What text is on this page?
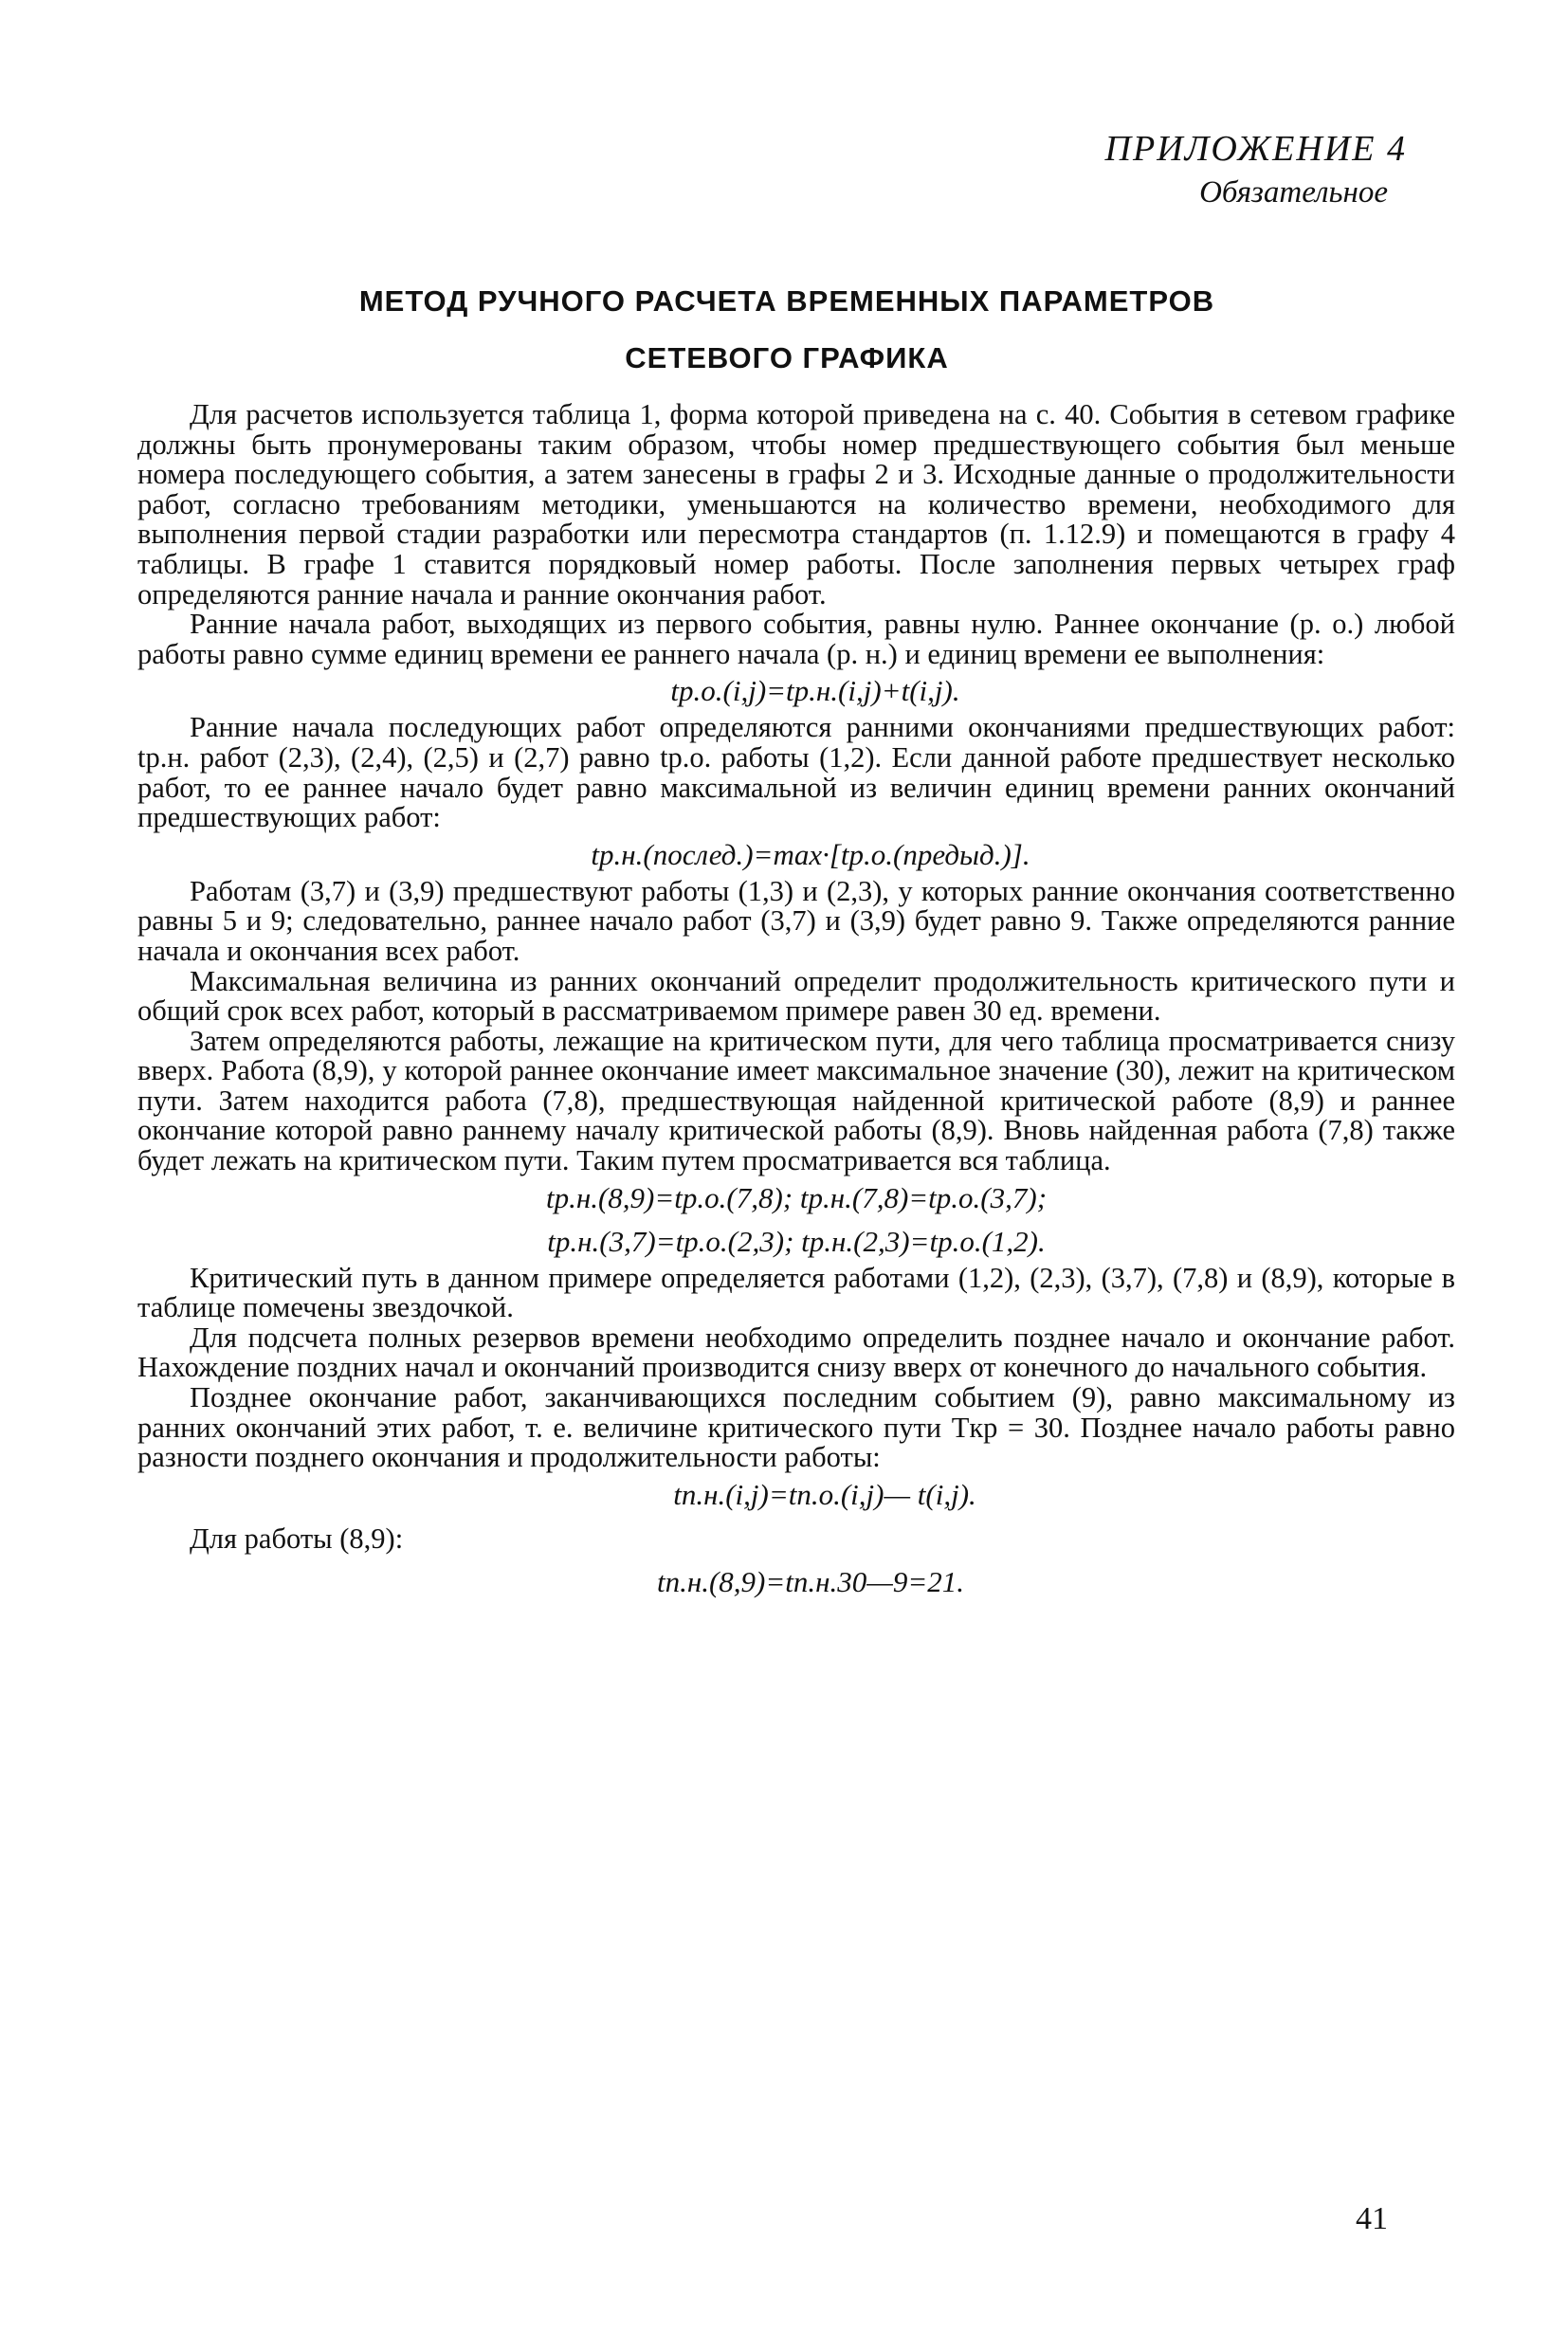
ПРИЛОЖЕНИЕ 4
Обязательное
МЕТОД РУЧНОГО РАСЧЕТА ВРЕМЕННЫХ ПАРАМЕТРОВ
СЕТЕВОГО ГРАФИКА

Для расчетов используется таблица 1, форма которой приведена на с. 40. События в сетевом графике должны быть пронумерованы таким образом, чтобы номер предшествующего события был меньше номера последующего события, а затем занесены в графы 2 и 3. Исходные данные о продолжительности работ, согласно требованиям методики, уменьшаются на количество времени, необходимого для выполнения первой стадии разработки или пересмотра стандартов (п. 1.12.9) и помещаются в графу 4 таблицы. В графе 1 ставится порядковый номер работы. После заполнения первых четырех граф определяются ранние начала и ранние окончания работ.

Ранние начала работ, выходящих из первого события, равны нулю. Раннее окончание (р. о.) любой работы равно сумме единиц времени ее раннего начала (р. н.) и единиц времени ее выполнения:

tр.о.(i,j)=tр.н.(i,j)+t(i,j).

Ранние начала последующих работ определяются ранними окончаниями предшествующих работ: tр.н. работ (2,3), (2,4), (2,5) и (2,7) равно tр.о. работы (1,2). Если данной работе предшествует несколько работ, то ее раннее начало будет равно максимальной из величин единиц времени ранних окончаний предшествующих работ:

tр.н.(послед.)=max·[tр.о.(предыд.)].

Работам (3,7) и (3,9) предшествуют работы (1,3) и (2,3), у которых ранние окончания соответственно равны 5 и 9; следовательно, раннее начало работ (3,7) и (3,9) будет равно 9. Также определяются ранние начала и окончания всех работ.

Максимальная величина из ранних окончаний определит продолжительность критического пути и общий срок всех работ, который в рассматриваемом примере равен 30 ед. времени.

Затем определяются работы, лежащие на критическом пути, для чего таблица просматривается снизу вверх. Работа (8,9), у которой раннее окончание имеет максимальное значение (30), лежит на критическом пути. Затем находится работа (7,8), предшествующая найденной критической работе (8,9) и раннее окончание которой равно раннему началу критической работы (8,9). Вновь найденная работа (7,8) также будет лежать на критическом пути. Таким путем просматривается вся таблица.

tр.н.(8,9)=tр.о.(7,8); tр.н.(7,8)=tр.о.(3,7);

tр.н.(3,7)=tр.о.(2,3); tр.н.(2,3)=tр.о.(1,2).

Критический путь в данном примере определяется работами (1,2), (2,3), (3,7), (7,8) и (8,9), которые в таблице помечены звездочкой.

Для подсчета полных резервов времени необходимо определить позднее начало и окончание работ. Нахождение поздних начал и окончаний производится снизу вверх от конечного до начального события.

Позднее окончание работ, заканчивающихся последним событием (9), равно максимальному из ранних окончаний этих работ, т. е. величине критического пути Tкр = 30. Позднее начало работы равно разности позднего окончания и продолжительности работы:

tп.н.(i,j)=tп.о.(i,j)— t(i,j).

Для работы (8,9):

tп.н.(8,9)=tп.н.30—9=21.

41
